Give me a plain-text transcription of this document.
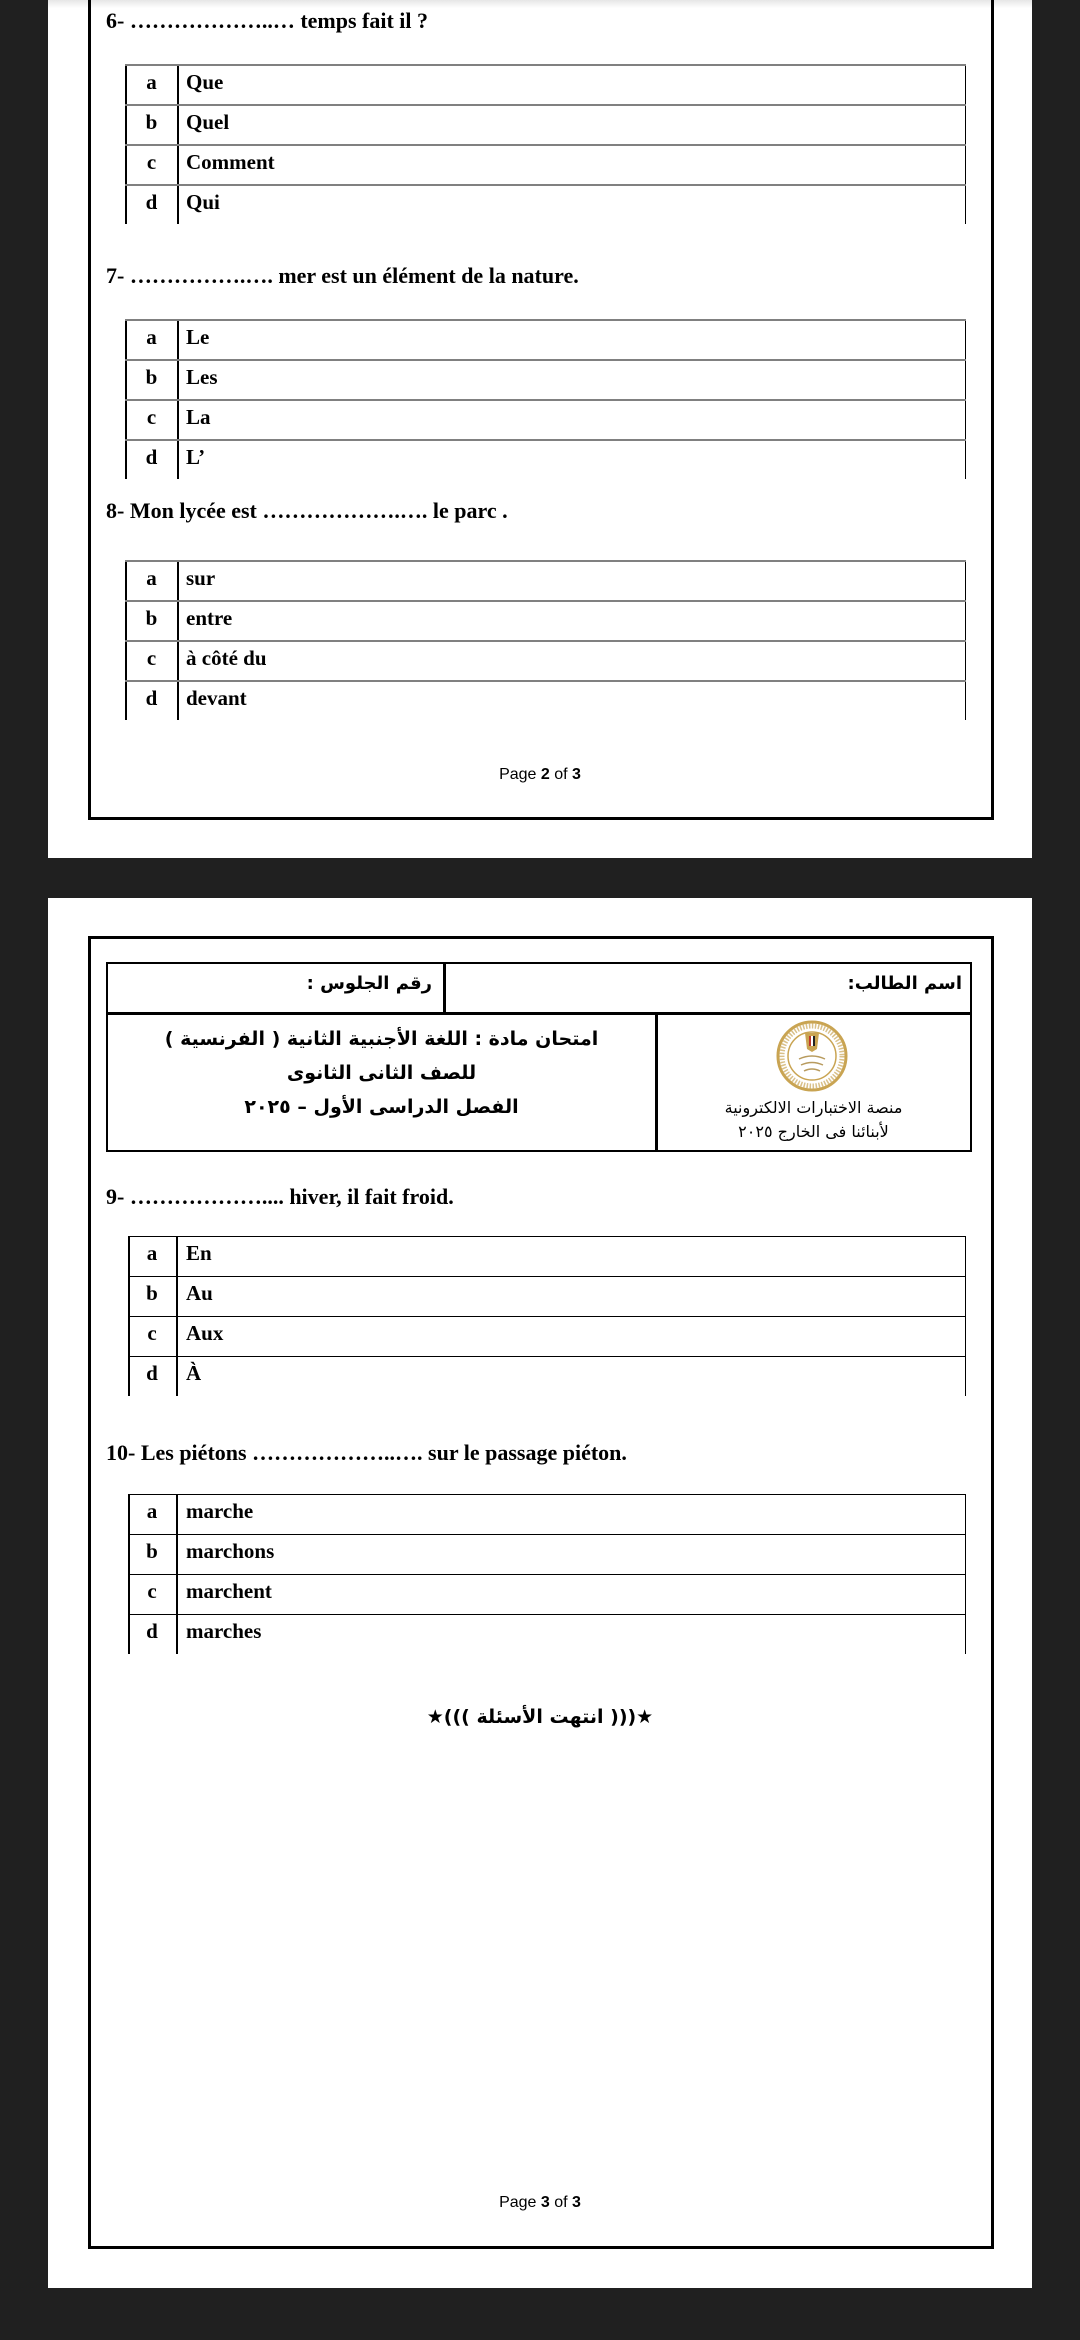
6- ………………..… temps fait il ?
a	Que
b	Quel
c	Comment
d	Qui
7- …………….…. mer est un élément de la nature.
a	Le
b	Les
c	La
d	L’
8- Mon lycée est ……………….…. le parc .
a	sur
b	entre
c	à côté du
d	devant
Page 2 of 3
اسم الطالب:
رقم الجلوس :
امتحان مادة : اللغة الأجنبية الثانية ( الفرنسية )
للصف الثانى الثانوى
الفصل الدراسى الأول – ٢٠٢٥	منصة الاختبارات الالكترونية
لأبنائنا فى الخارج ٢٠٢٥
9- ……………….... hiver, il fait froid.
a	En
b	Au
c	Aux
d	À
10- Les piétons ………………..…. sur le passage piéton.
a	marche
b	marchons
c	marchent
d	marches
★((( انتهت الأسئلة )))★
Page 3 of 3
